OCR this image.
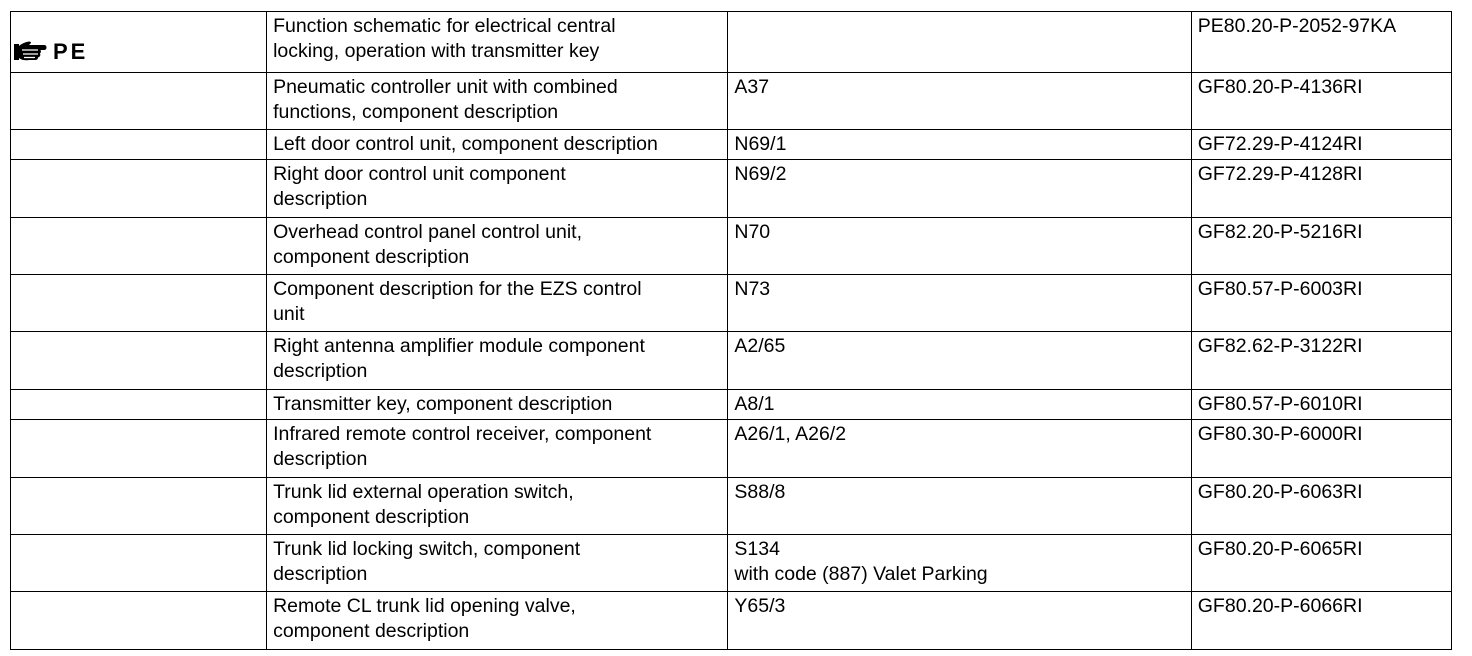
PE	Function schematic for electrical central
locking, operation with transmitter key		PE80.20-P-2052-97KA
	Pneumatic controller unit with combined
functions, component description	A37	GF80.20-P-4136RI
	Left door control unit, component description	N69/1	GF72.29-P-4124RI
	Right door control unit component
description	N69/2	GF72.29-P-4128RI
	Overhead control panel control unit,
component description	N70	GF82.20-P-5216RI
	Component description for the EZS control
unit	N73	GF80.57-P-6003RI
	Right antenna amplifier module component
description	A2/65	GF82.62-P-3122RI
	Transmitter key, component description	A8/1	GF80.57-P-6010RI
	Infrared remote control receiver, component
description	A26/1, A26/2	GF80.30-P-6000RI
	Trunk lid external operation switch,
component description	S88/8	GF80.20-P-6063RI
	Trunk lid locking switch, component
description	S134
with code (887) Valet Parking	GF80.20-P-6065RI
	Remote CL trunk lid opening valve,
component description	Y65/3	GF80.20-P-6066RI
